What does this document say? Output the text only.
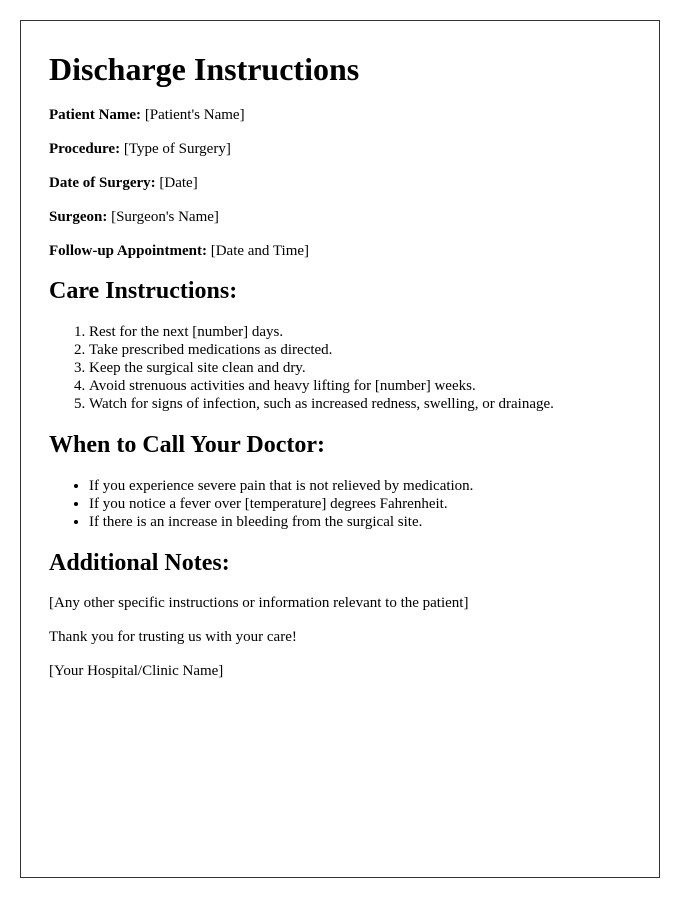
Discharge Instructions

Patient Name: [Patient's Name]

Procedure: [Type of Surgery]

Date of Surgery: [Date]

Surgeon: [Surgeon's Name]

Follow-up Appointment: [Date and Time]

Care Instructions:
1. Rest for the next [number] days.
2. Take prescribed medications as directed.
3. Keep the surgical site clean and dry.
4. Avoid strenuous activities and heavy lifting for [number] weeks.
5. Watch for signs of infection, such as increased redness, swelling, or drainage.
When to Call Your Doctor:
• If you experience severe pain that is not relieved by medication.
• If you notice a fever over [temperature] degrees Fahrenheit.
• If there is an increase in bleeding from the surgical site.
Additional Notes:

[Any other specific instructions or information relevant to the patient]

Thank you for trusting us with your care!

[Your Hospital/Clinic Name]
